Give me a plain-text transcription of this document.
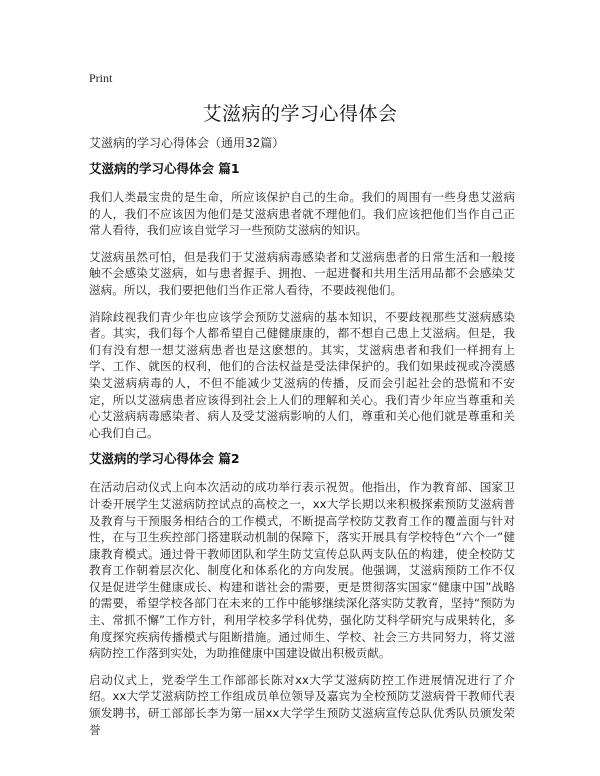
Print
艾滋病的学习心得体会
艾滋病的学习心得体会（通用32篇）
艾滋病的学习心得体会 篇1

我们人类最宝贵的是生命，所应该保护自己的生命。我们的周围有一些身患艾滋病的人，我们不应该因为他们是艾滋病患者就不理他们。我们应该把他们当作自己正常人看待，我们应该自觉学习一些预防艾滋病的知识。

艾滋病虽然可怕，但是我们于艾滋病病毒感染者和艾滋病患者的日常生活和一般接触不会感染艾滋病，如与患者握手、拥抱、一起进餐和共用生活用品都不会感染艾滋病。所以，我们要把他们当作正常人看待，不要歧视他们。

消除歧视我们青少年也应该学会预防艾滋病的基本知识，不要歧视那些艾滋病感染者。其实，我们每个人都希望自己健健康康的，都不想自己患上艾滋病。但是，我们有没有想一想艾滋病患者也是这麽想的。其实，艾滋病患者和我们一样拥有上学、工作、就医的权利，他们的合法权益是受法律保护的。我们如果歧视或冷漠感染艾滋病病毒的人，不但不能减少艾滋病的传播，反而会引起社会的恐慌和不安定，所以艾滋病患者应该得到社会上人们的理解和关心。我们青少年应当尊重和关心艾滋病病毒感染者、病人及受艾滋病影响的人们，尊重和关心他们就是尊重和关心我们自己。

艾滋病的学习心得体会 篇2

在活动启动仪式上向本次活动的成功举行表示祝贺。他指出，作为教育部、国家卫计委开展学生艾滋病防控试点的高校之一，xx大学长期以来积极探索预防艾滋病普及教育与干预服务相结合的工作模式，不断提高学校防艾教育工作的覆盖面与针对性，在与卫生疾控部门搭建联动机制的保障下，落实开展具有学校特色“六个一”健康教育模式。通过骨干教师团队和学生防艾宣传总队两支队伍的构建，使全校防艾教育工作朝着层次化、制度化和体系化的方向发展。他强调，艾滋病预防工作不仅仅是促进学生健康成长、构建和谐社会的需要，更是贯彻落实国家“健康中国”战略的需要，希望学校各部门在未来的工作中能够继续深化落实防艾教育，坚持“预防为主、常抓不懈”工作方针，利用学校多学科优势，强化防艾科学研究与成果转化，多角度探究疾病传播模式与阻断措施。通过师生、学校、社会三方共同努力，将艾滋病防控工作落到实处，为助推健康中国建设做出积极贡献。

启动仪式上，党委学生工作部部长陈对xx大学艾滋病防控工作进展情况进行了介绍。xx大学艾滋病防控工作组成员单位领导及嘉宾为全校预防艾滋病骨干教师代表颁发聘书，研工部部长李为第一届xx大学学生预防艾滋病宣传总队优秀队员颁发荣誉
